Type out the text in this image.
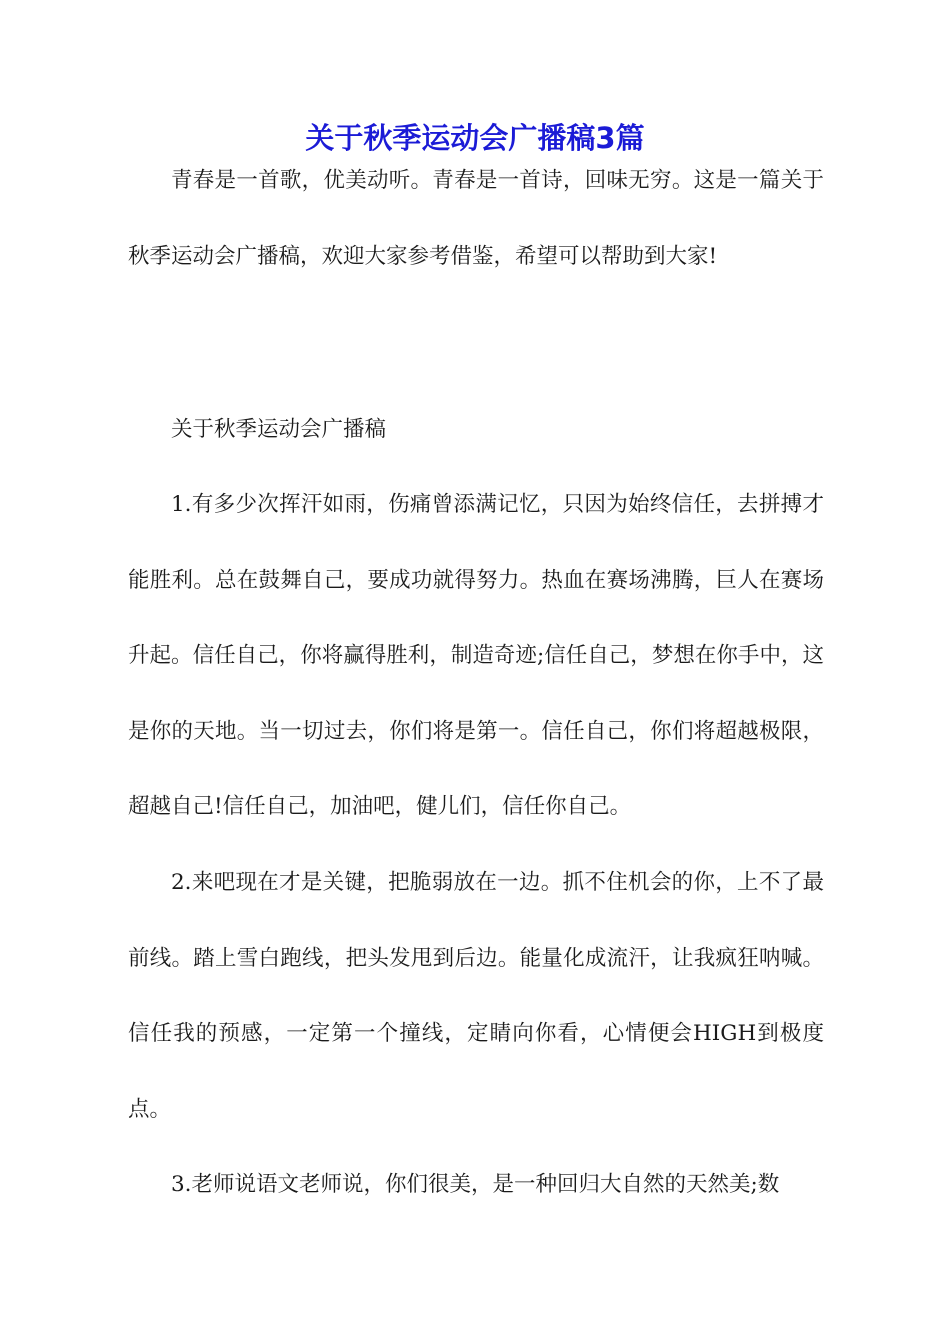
关于秋季运动会广播稿3篇

青春是一首歌，优美动听。青春是一首诗，回味无穷。这是一篇关于秋季运动会广播稿，欢迎大家参考借鉴，希望可以帮助到大家!

关于秋季运动会广播稿

1.有多少次挥汗如雨，伤痛曾添满记忆，只因为始终信任，去拼搏才能胜利。总在鼓舞自己，要成功就得努力。热血在赛场沸腾，巨人在赛场升起。信任自己，你将赢得胜利，制造奇迹;信任自己，梦想在你手中，这是你的天地。当一切过去，你们将是第一。信任自己，你们将超越极限，超越自己!信任自己，加油吧，健儿们，信任你自己。

2.来吧现在才是关键，把脆弱放在一边。抓不住机会的你，上不了最前线。踏上雪白跑线，把头发甩到后边。能量化成流汗，让我疯狂呐喊。信任我的预感，一定第一个撞线，定睛向你看，心情便会HIGH到极度点。

3.老师说语文老师说，你们很美，是一种回归大自然的天然美;数
